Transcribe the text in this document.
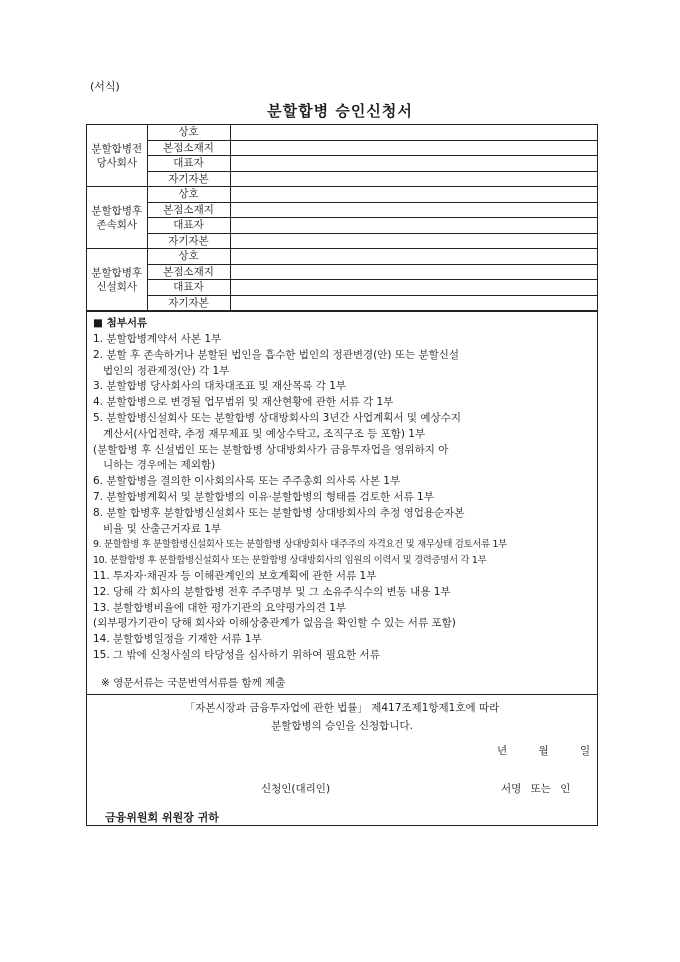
(서식)
분할합병 승인신청서
분할합병전 당사회사	상호	
	본점소재지	
	대표자	
	자기자본	
분할합병후 존속회사	상호	
	본점소재지	
	대표자	
	자기자본	
분할합병후 신설회사	상호	
	본점소재지	
	대표자	
	자기자본	
■ 첨부서류
1. 분할합병계약서 사본 1부
2. 분할 후 존속하거나 분할된 법인을 흡수한 법인의 정관변경(안) 또는 분할신설
법인의 정관제정(안) 각 1부
3. 분할합병 당사회사의 대차대조표 및 재산목록 각 1부
4. 분할합병으로 변경될 업무범위 및 재산현황에 관한 서류 각 1부
5. 분할합병신설회사 또는 분할합병 상대방회사의 3년간 사업계획서 및 예상수지
계산서(사업전략, 추정 재무제표 및 예상수탁고, 조직구조 등 포함) 1부
(분할합병 후 신설법인 또는 분할합병 상대방회사가 금융투자업을 영위하지 아
니하는 경우에는 제외함)
6. 분할합병을 결의한 이사회의사록 또는 주주총회 의사록 사본 1부
7. 분할합병계획서 및 분할합병의 이유·분할합병의 형태를 검토한 서류 1부
8. 분할 합병후 분할합병신설회사 또는 분할합병 상대방회사의 추정 영업용순자본
비율 및 산출근거자료 1부
9. 분할합병 후 분할합병신설회사 또는 분할합병 상대방회사 대주주의 자격요건 및 재무상태 검토서류 1부
10. 분할합병 후 분할합병신설회사 또는 분할합병 상대방회사의 임원의 이력서 및 경력증명서 각 1부
11. 투자자·채권자 등 이해관계인의 보호계획에 관한 서류 1부
12. 당해 각 회사의 분할합병 전후 주주명부 및 그 소유주식수의 변동 내용 1부
13. 분할합병비율에 대한 평가기관의 요약평가의견 1부
(외부평가기관이 당해 회사와 이해상충관계가 없음을 확인할 수 있는 서류 포함)
14. 분할합병일정을 기재한 서류 1부
15. 그 밖에 신청사실의 타당성을 심사하기 위하여 필요한 서류
※ 영문서류는 국문번역서류를 함께 제출
「자본시장과 금융투자업에 관한 법률」 제417조제1항제1호에 따라
분할합병의 승인을 신청합니다.
년 월 일
신청인(대리인)	서명 또는 인
금융위원회 위원장 귀하
